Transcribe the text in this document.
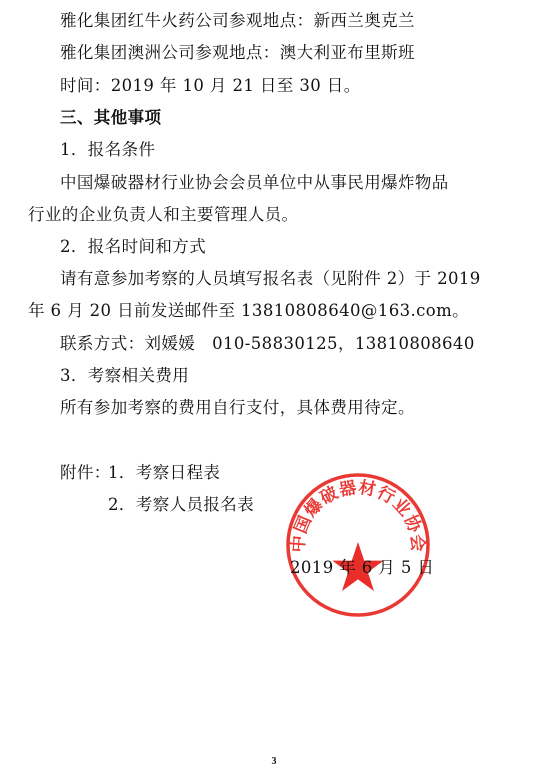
雅化集团红牛火药公司参观地点：新西兰奥克兰
雅化集团澳洲公司参观地点：澳大利亚布里斯班
时间：2019 年 10 月 21 日至 30 日。
三、其他事项
1．报名条件
中国爆破器材行业协会会员单位中从事民用爆炸物品
行业的企业负责人和主要管理人员。
2．报名时间和方式
请有意参加考察的人员填写报名表（见附件 2）于 2019
年 6 月 20 日前发送邮件至 13810808640@163.com。
联系方式：刘媛媛　010-58830125，13810808640
3．考察相关费用
所有参加考察的费用自行支付，具体费用待定。
附件：
1．考察日程表
2．考察人员报名表
中国爆破器材行业协会
2019 年 6 月 5 日
3
